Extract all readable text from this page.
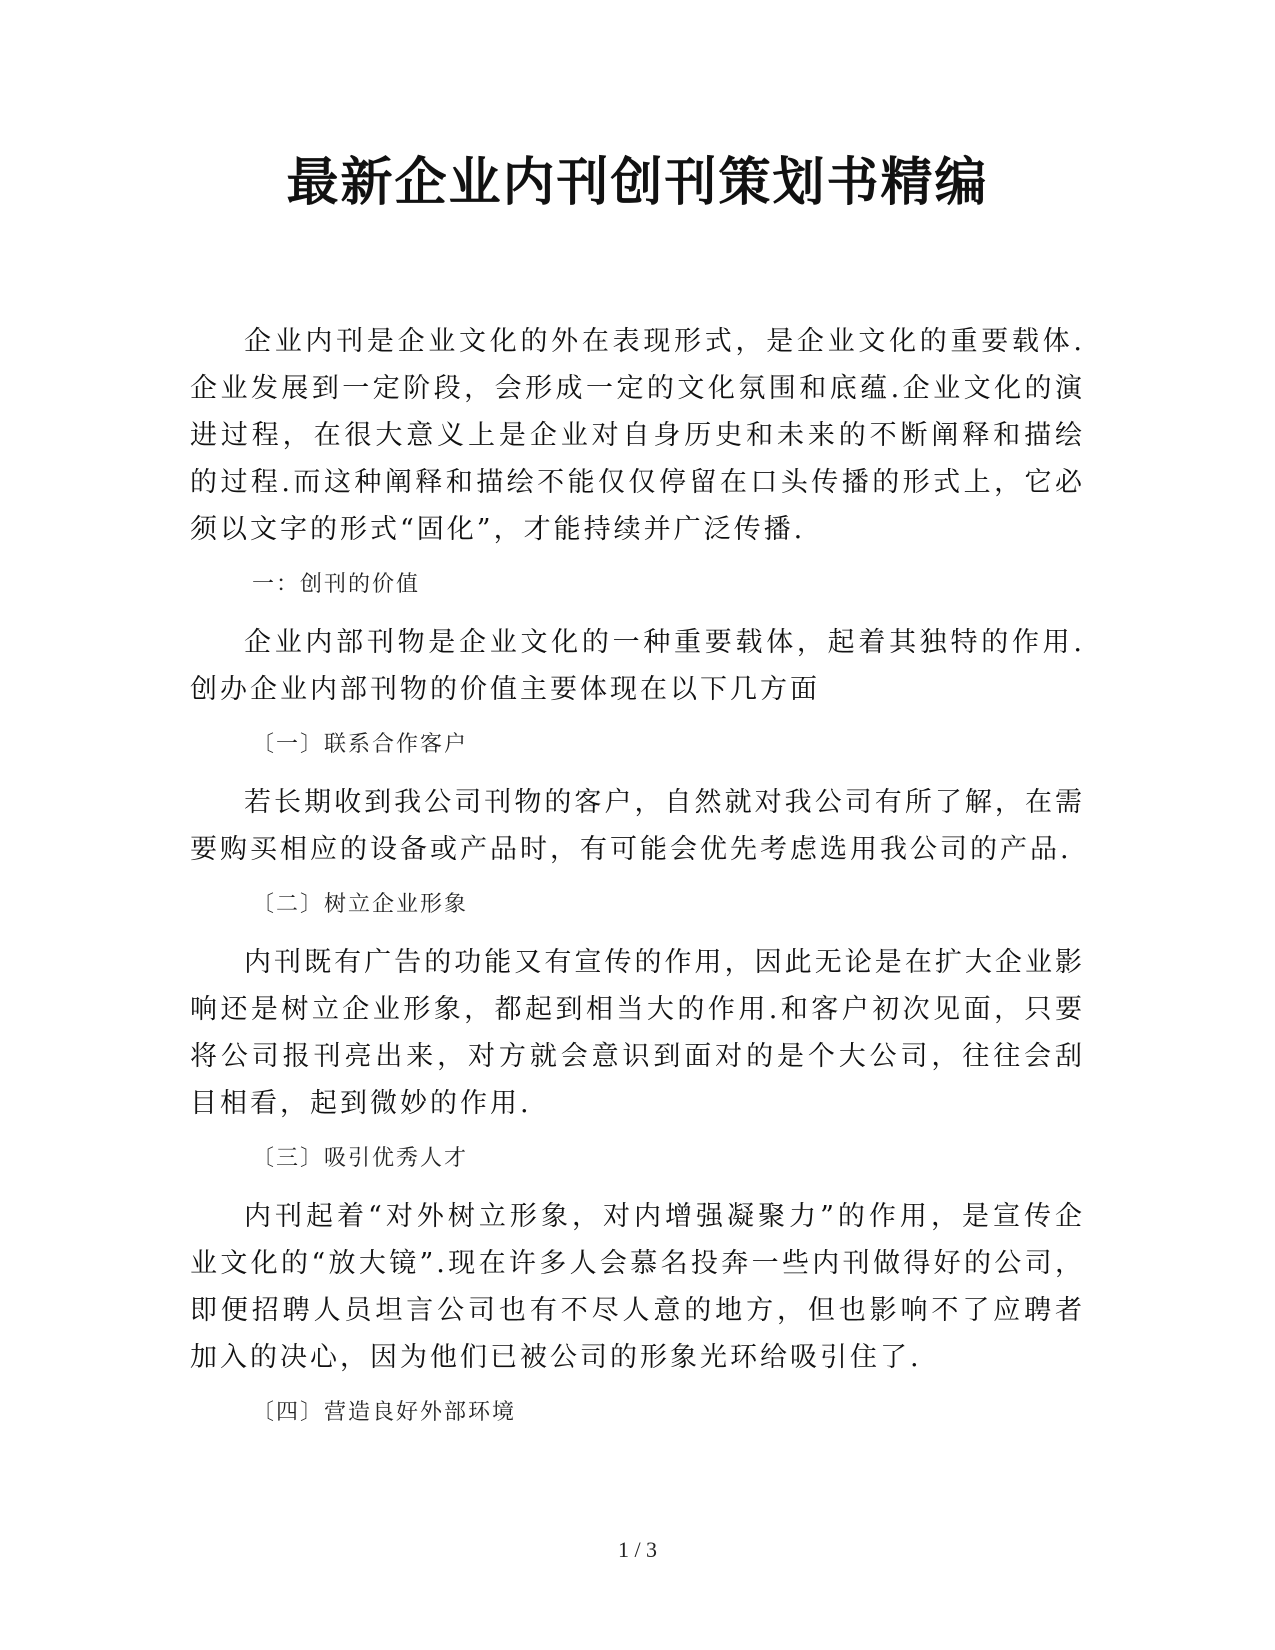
最新企业内刊创刊策划书精编

企业内刊是企业文化的外在表现形式，是企业文化的重要载体.企业发展到一定阶段，会形成一定的文化氛围和底蕴.企业文化的演进过程，在很大意义上是企业对自身历史和未来的不断阐释和描绘的过程.而这种阐释和描绘不能仅仅停留在口头传播的形式上，它必须以文字的形式“固化”，才能持续并广泛传播.

一：创刊的价值

企业内部刊物是企业文化的一种重要载体，起着其独特的作用.创办企业内部刊物的价值主要体现在以下几方面

〔一〕联系合作客户

若长期收到我公司刊物的客户，自然就对我公司有所了解，在需要购买相应的设备或产品时，有可能会优先考虑选用我公司的产品.

〔二〕树立企业形象

内刊既有广告的功能又有宣传的作用，因此无论是在扩大企业影响还是树立企业形象，都起到相当大的作用.和客户初次见面，只要将公司报刊亮出来，对方就会意识到面对的是个大公司，往往会刮目相看，起到微妙的作用.

〔三〕吸引优秀人才

内刊起着“对外树立形象，对内增强凝聚力”的作用，是宣传企业文化的“放大镜”.现在许多人会慕名投奔一些内刊做得好的公司，即便招聘人员坦言公司也有不尽人意的地方，但也影响不了应聘者加入的决心，因为他们已被公司的形象光环给吸引住了.

〔四〕营造良好外部环境
1 / 3
